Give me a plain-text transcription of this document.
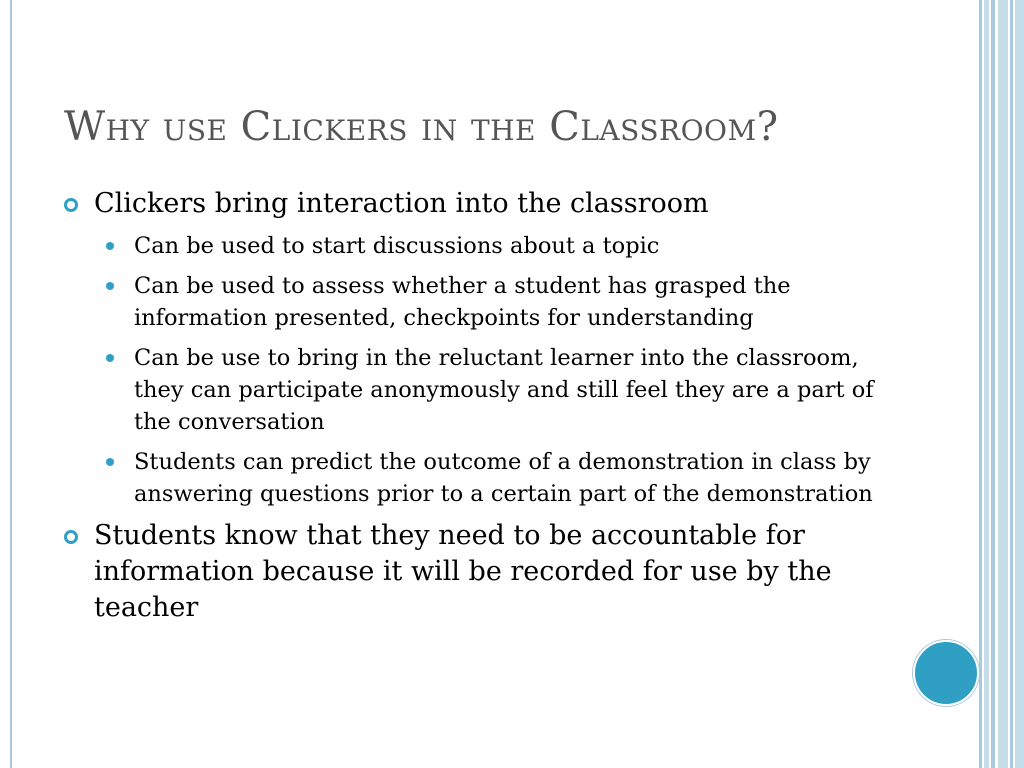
Why use Clickers in the Classroom?
Clickers bring interaction into the classroom
Can be used to start discussions about a topic
Can be used to assess whether a student has grasped the information presented, checkpoints for understanding
Can be use to bring in the reluctant learner into the classroom, they can participate anonymously and still feel they are a part of the conversation
Students can predict the outcome of a demonstration in class by answering questions prior to a certain part of the demonstration
Students know that they need to be accountable for information because it will be recorded for use by the teacher
